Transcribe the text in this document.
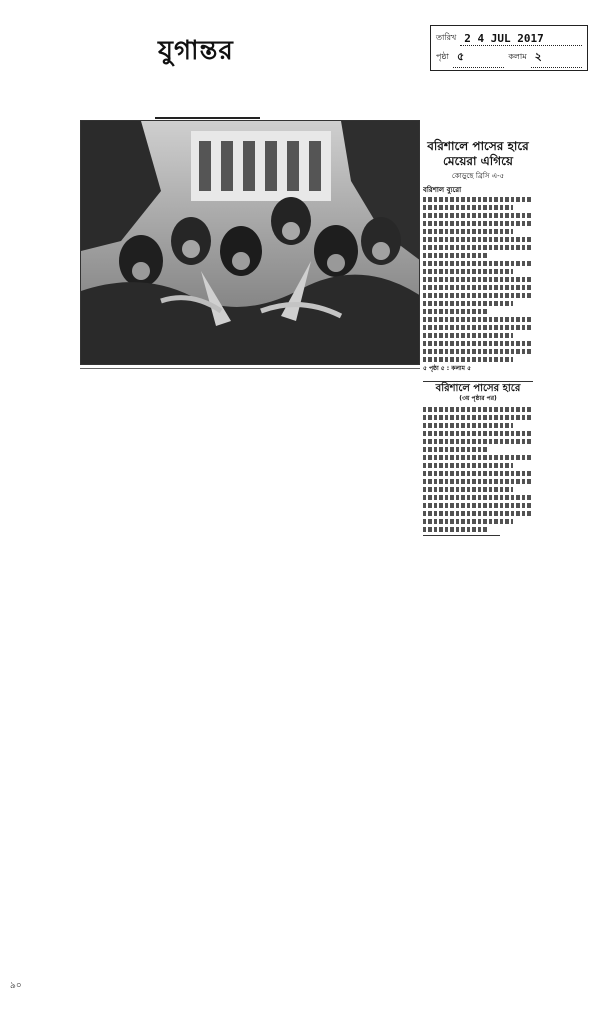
যুগান্তর	তারিখ 2 4 JUL 2017
পৃষ্ঠা ৫	কলাম ২
বরিশালে পাসের হারে মেয়েরা এগিয়ে
কোড়ুছে ব্রিসি এ-৫
বরিশাল ব্যুরো
৫ পৃষ্ঠা ৫ : কলাম ৫
বরিশালে পাসের হারে
(৩য় পৃষ্ঠার পর)
৯০
